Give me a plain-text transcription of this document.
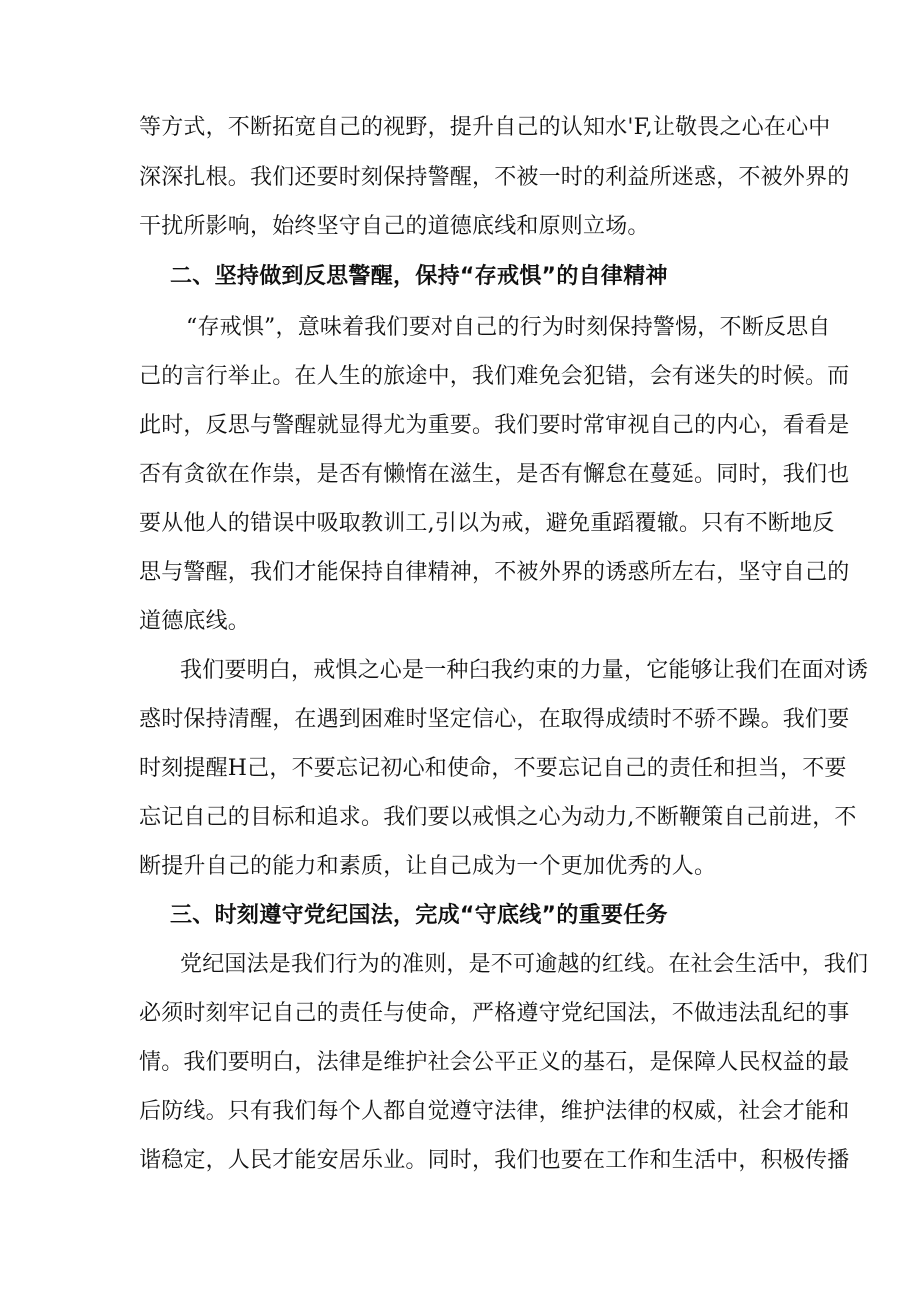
等方式，不断拓宽自己的视野，提升自己的认知水'F,让敬畏之心在心中
深深扎根。我们还要时刻保持警醒，不被一时的利益所迷惑，不被外界的
干扰所影响，始终坚守自己的道德底线和原则立场。
二、坚持做到反思警醒，保持“存戒惧”的自律精神
“存戒惧”，意味着我们要对自己的行为时刻保持警惕，不断反思自
己的言行举止。在人生的旅途中，我们难免会犯错，会有迷失的时候。而
此时，反思与警醒就显得尤为重要。我们要时常审视自己的内心，看看是
否有贪欲在作祟，是否有懒惰在滋生，是否有懈怠在蔓延。同时，我们也
要从他人的错误中吸取教训工,引以为戒，避免重蹈覆辙。只有不断地反
思与警醒，我们才能保持自律精神，不被外界的诱惑所左右，坚守自己的
道德底线。
我们要明白，戒惧之心是一种臼我约束的力量，它能够让我们在面对诱
惑时保持清醒，在遇到困难时坚定信心，在取得成绩时不骄不躁。我们要
时刻提醒H己，不要忘记初心和使命，不要忘记自己的责任和担当，不要
忘记自己的目标和追求。我们要以戒惧之心为动力,不断鞭策自己前进，不
断提升自己的能力和素质，让自己成为一个更加优秀的人。
三、时刻遵守党纪国法，完成“守底线”的重要任务
党纪国法是我们行为的准则，是不可逾越的红线。在社会生活中，我们
必须时刻牢记自己的责任与使命，严格遵守党纪国法，不做违法乱纪的事
情。我们要明白，法律是维护社会公平正义的基石，是保障人民权益的最
后防线。只有我们每个人都自觉遵守法律，维护法律的权威，社会才能和
谐稳定，人民才能安居乐业。同时，我们也要在工作和生活中，积极传播
